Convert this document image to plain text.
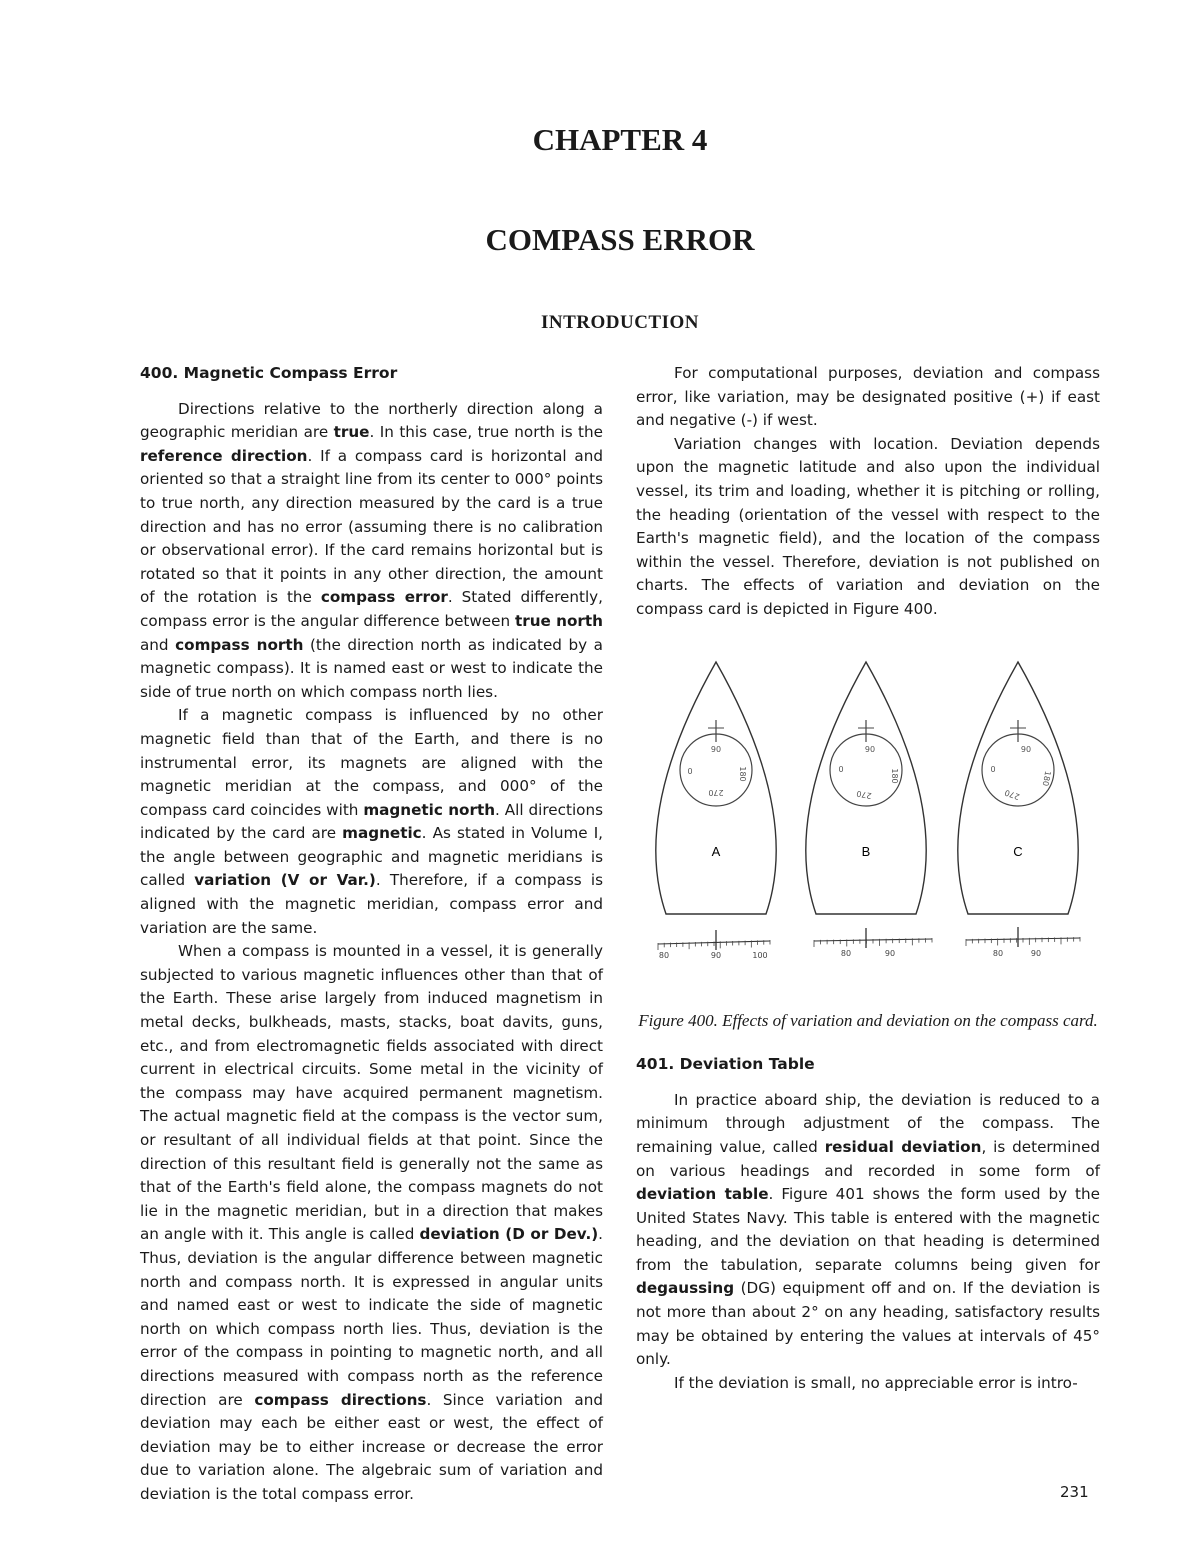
CHAPTER 4
COMPASS ERROR
INTRODUCTION
400. Magnetic Compass Error

Directions relative to the northerly direction along a geographic meridian are true. In this case, true north is the reference direction. If a compass card is horizontal and oriented so that a straight line from its center to 000° points to true north, any direction measured by the card is a true direction and has no error (assuming there is no calibration or observational error). If the card remains horizontal but is rotated so that it points in any other direction, the amount of the rotation is the compass error. Stated differently, compass error is the angular difference between true north and compass north (the direction north as indicated by a magnetic compass). It is named east or west to indicate the side of true north on which compass north lies.

If a magnetic compass is influenced by no other magnetic field than that of the Earth, and there is no instrumental error, its magnets are aligned with the magnetic meridian at the compass, and 000° of the compass card coincides with magnetic north. All directions indicated by the card are magnetic. As stated in Volume I, the angle between geographic and magnetic meridians is called variation (V or Var.). Therefore, if a compass is aligned with the magnetic meridian, compass error and variation are the same.

When a compass is mounted in a vessel, it is generally subjected to various magnetic influences other than that of the Earth. These arise largely from induced magnetism in metal decks, bulkheads, masts, stacks, boat davits, guns, etc., and from electromagnetic fields associated with direct current in electrical circuits. Some metal in the vicinity of the compass may have acquired permanent magnetism. The actual magnetic field at the compass is the vector sum, or resultant of all individual fields at that point. Since the direction of this resultant field is generally not the same as that of the Earth's field alone, the compass magnets do not lie in the magnetic meridian, but in a direction that makes an angle with it. This angle is called deviation (D or Dev.). Thus, deviation is the angular difference between magnetic north and compass north. It is expressed in angular units and named east or west to indicate the side of magnetic north on which compass north lies. Thus, deviation is the error of the compass in pointing to magnetic north, and all directions measured with compass north as the reference direction are compass directions. Since variation and deviation may each be either east or west, the effect of deviation may be to either increase or decrease the error due to variation alone. The algebraic sum of variation and deviation is the total compass error.

For computational purposes, deviation and compass error, like variation, may be designated positive (+) if east and negative (-) if west.

Variation changes with location. Deviation depends upon the magnetic latitude and also upon the individual vessel, its trim and loading, whether it is pitching or rolling, the heading (orientation of the vessel with respect to the Earth's magnetic field), and the location of the compass within the vessel. Therefore, deviation is not published on charts. The effects of variation and deviation on the compass card is depicted in Figure 400.

90
0	180
270
A
80	90	100
90
0	180
270
B
80	90
90
0
180
270
C
80	90
Figure 400. Effects of variation and deviation on the compass card.
401. Deviation Table

In practice aboard ship, the deviation is reduced to a minimum through adjustment of the compass. The remaining value, called residual deviation, is determined on various headings and recorded in some form of deviation table. Figure 401 shows the form used by the United States Navy. This table is entered with the magnetic heading, and the deviation on that heading is determined from the tabulation, separate columns being given for degaussing (DG) equipment off and on. If the deviation is not more than about 2° on any heading, satisfactory results may be obtained by entering the values at intervals of 45° only.

If the deviation is small, no appreciable error is intro-

231
